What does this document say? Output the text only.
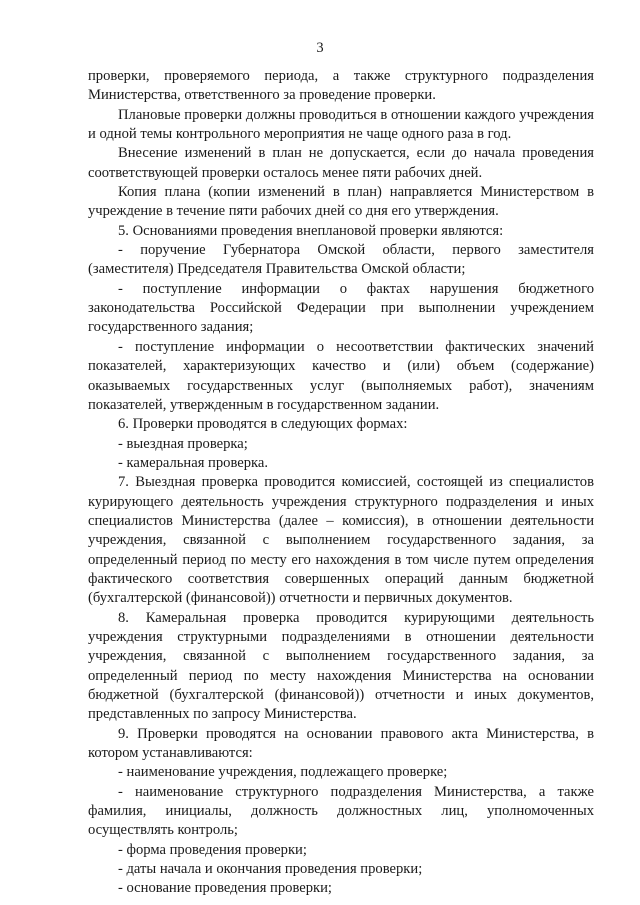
3

проверки, проверяемого периода, а также структурного подразделения Министерства, ответственного за проведение проверки.

Плановые проверки должны проводиться в отношении каждого учреждения и одной темы контрольного мероприятия не чаще одного раза в год.

Внесение изменений в план не допускается, если до начала проведения соответствующей проверки осталось менее пяти рабочих дней.

Копия плана (копии изменений в план) направляется Министерством в учреждение в течение пяти рабочих дней со дня его утверждения.

5. Основаниями проведения внеплановой проверки являются:

- поручение Губернатора Омской области, первого заместителя (заместителя) Председателя Правительства Омской области;

- поступление информации о фактах нарушения бюджетного законодательства Российской Федерации при выполнении учреждением государственного задания;

- поступление информации о несоответствии фактических значений показателей, характеризующих качество и (или) объем (содержание) оказываемых государственных услуг (выполняемых работ), значениям показателей, утвержденным в государственном задании.

6. Проверки проводятся в следующих формах:

- выездная проверка;

- камеральная проверка.

7. Выездная проверка проводится комиссией, состоящей из специалистов курирующего деятельность учреждения структурного подразделения и иных специалистов Министерства (далее – комиссия), в отношении деятельности учреждения, связанной с выполнением государственного задания, за определенный период по месту его нахождения в том числе путем определения фактического соответствия совершенных операций данным бюджетной (бухгалтерской (финансовой)) отчетности и первичных документов.

8. Камеральная проверка проводится курирующими деятельность учреждения структурными подразделениями в отношении деятельности учреждения, связанной с выполнением государственного задания, за определенный период по месту нахождения Министерства на основании бюджетной (бухгалтерской (финансовой)) отчетности и иных документов, представленных по запросу Министерства.

9. Проверки проводятся на основании правового акта Министерства, в котором устанавливаются:

- наименование учреждения, подлежащего проверке;

- наименование структурного подразделения Министерства, а также фамилия, инициалы, должность должностных лиц, уполномоченных осуществлять контроль;

- форма проведения проверки;

- даты начала и окончания проведения проверки;

- основание проведения проверки;
